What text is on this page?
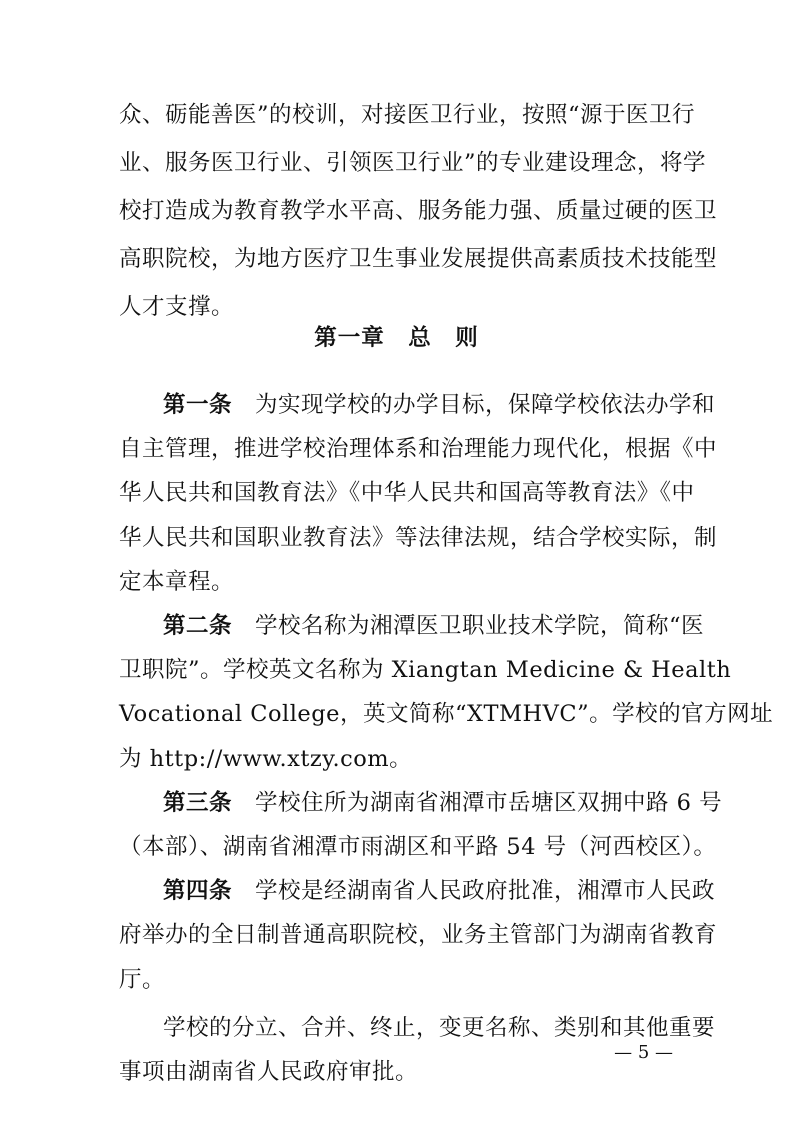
众、砺能善医”的校训，对接医卫行业，按照“源于医卫行
业、服务医卫行业、引领医卫行业”的专业建设理念，将学
校打造成为教育教学水平高、服务能力强、质量过硬的医卫
高职院校，为地方医疗卫生事业发展提供高素质技术技能型
人才支撑。
第一章　总　则
第一条　为实现学校的办学目标，保障学校依法办学和
自主管理，推进学校治理体系和治理能力现代化，根据《中
华人民共和国教育法》《中华人民共和国高等教育法》《中
华人民共和国职业教育法》等法律法规，结合学校实际，制
定本章程。
第二条　学校名称为湘潭医卫职业技术学院，简称“医
卫职院”。学校英文名称为 Xiangtan Medicine & Health
Vocational College，英文简称“XTMHVC”。学校的官方网址
为 http://www.xtzy.com。
第三条　学校住所为湖南省湘潭市岳塘区双拥中路 6 号
（本部）、湖南省湘潭市雨湖区和平路 54 号（河西校区）。
第四条　学校是经湖南省人民政府批准，湘潭市人民政
府举办的全日制普通高职院校，业务主管部门为湖南省教育
厅。
— 5 —
学校的分立、合并、终止，变更名称、类别和其他重要
事项由湖南省人民政府审批。
